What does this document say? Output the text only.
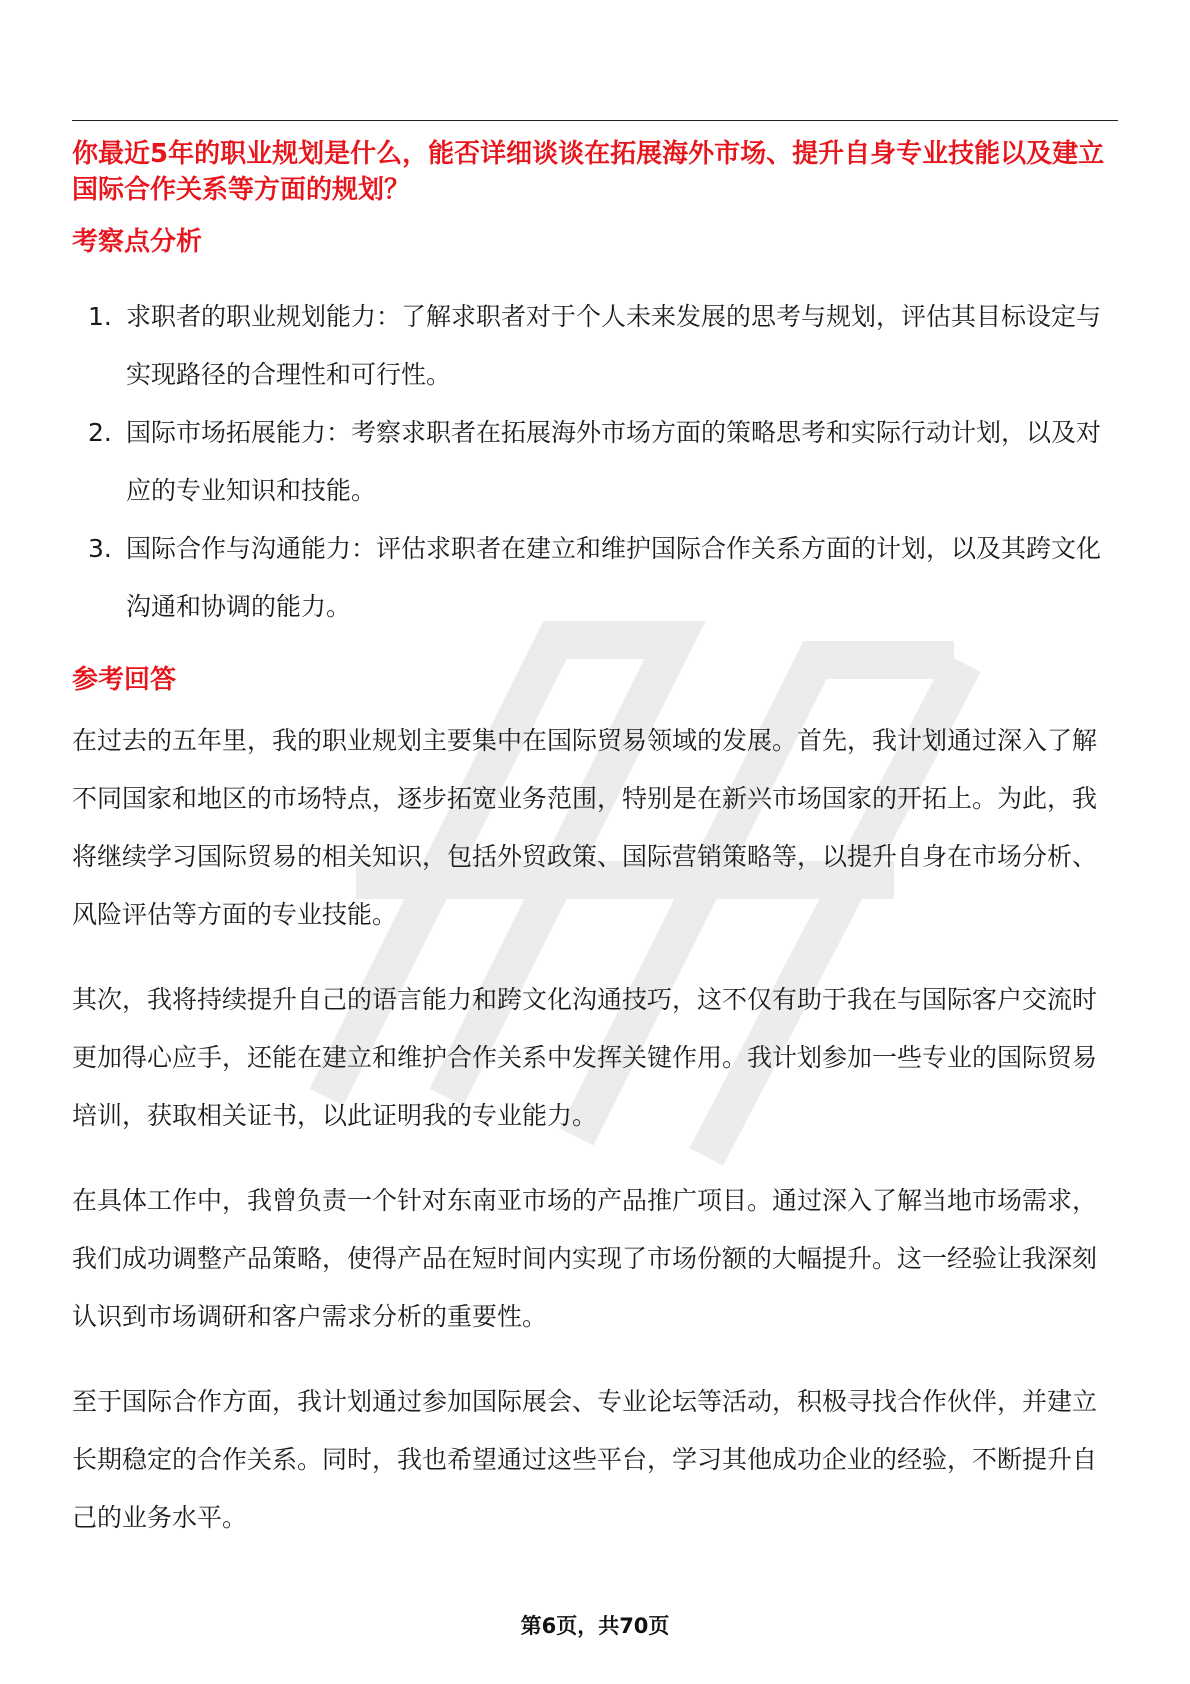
你最近5年的职业规划是什么，能否详细谈谈在拓展海外市场、提升自身专业技能以及建立国际合作关系等方面的规划？

考察点分析
1. 求职者的职业规划能力：了解求职者对于个人未来发展的思考与规划，评估其目标设定与实现路径的合理性和可行性。
2. 国际市场拓展能力：考察求职者在拓展海外市场方面的策略思考和实际行动计划，以及对应的专业知识和技能。
3. 国际合作与沟通能力：评估求职者在建立和维护国际合作关系方面的计划，以及其跨文化沟通和协调的能力。
参考回答

在过去的五年里，我的职业规划主要集中在国际贸易领域的发展。首先，我计划通过深入了解不同国家和地区的市场特点，逐步拓宽业务范围，特别是在新兴市场国家的开拓上。为此，我将继续学习国际贸易的相关知识，包括外贸政策、国际营销策略等，以提升自身在市场分析、风险评估等方面的专业技能。

其次，我将持续提升自己的语言能力和跨文化沟通技巧，这不仅有助于我在与国际客户交流时更加得心应手，还能在建立和维护合作关系中发挥关键作用。我计划参加一些专业的国际贸易培训，获取相关证书，以此证明我的专业能力。

在具体工作中，我曾负责一个针对东南亚市场的产品推广项目。通过深入了解当地市场需求，我们成功调整产品策略，使得产品在短时间内实现了市场份额的大幅提升。这一经验让我深刻认识到市场调研和客户需求分析的重要性。

至于国际合作方面，我计划通过参加国际展会、专业论坛等活动，积极寻找合作伙伴，并建立长期稳定的合作关系。同时，我也希望通过这些平台，学习其他成功企业的经验，不断提升自己的业务水平。

第6页，共70页
